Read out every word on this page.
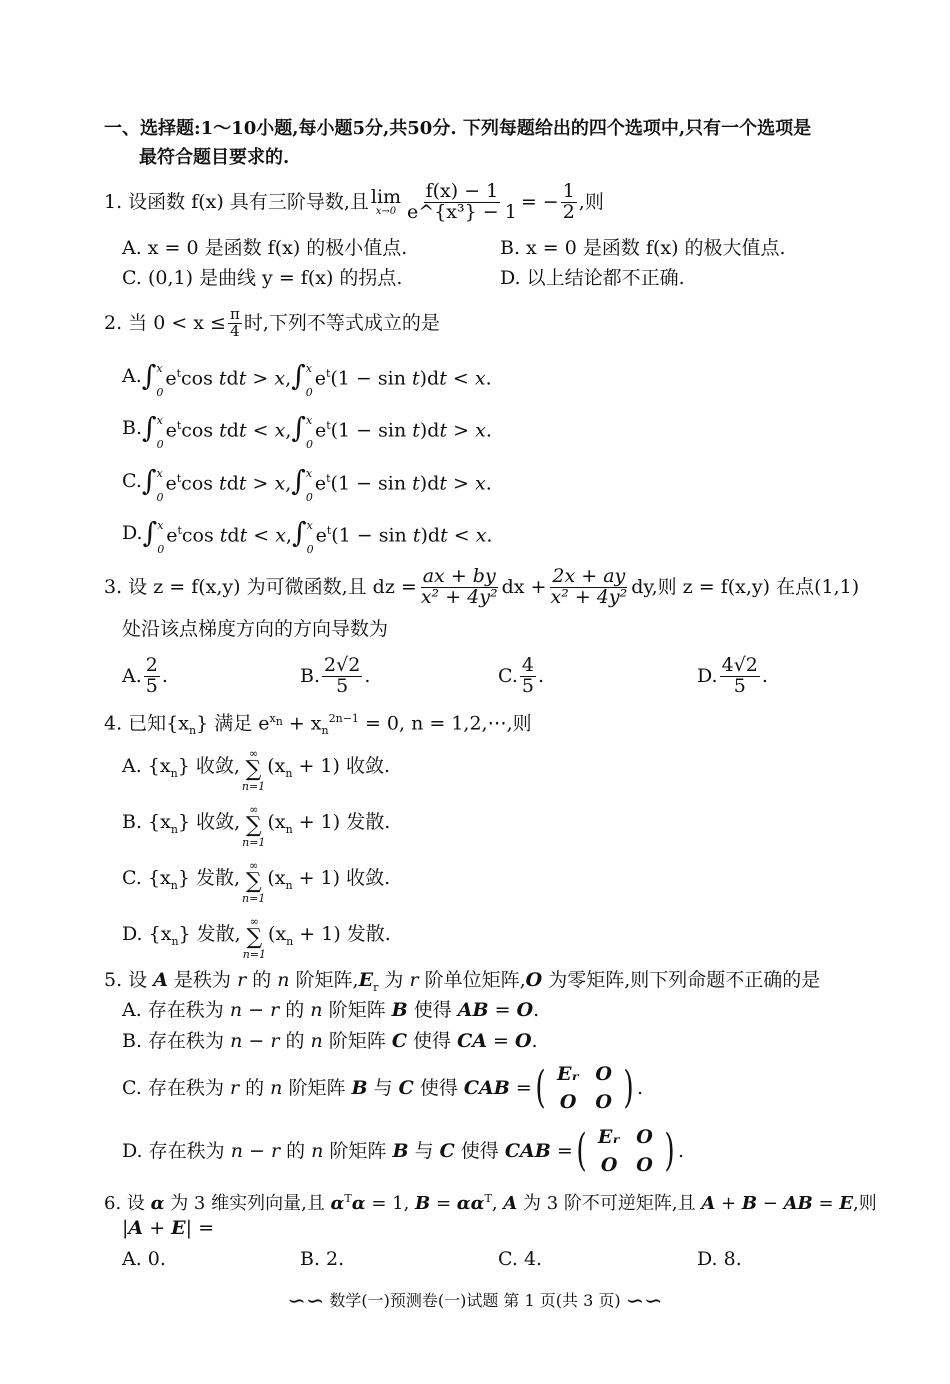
一、选择题:1～10小题,每小题5分,共50分. 下列每题给出的四个选项中,只有一个选项是
最符合题目要求的.
1. 设函数 f(x) 具有三阶导数,且 lim
$x\to 0 \frac{f(x) - 1}{\text{e\textasciicircum{}\{x³\} − 1}}$ = − $\frac{1}{2}$ ,则
A. x = 0 是函数 f(x) 的极小值点.	B. x = 0 是函数 f(x) 的极大值点.
C. (0,1) 是曲线 y = f(x) 的拐点.	D. 以上结论都不正确.
2. 当 $0 < x \le \frac{\pi}{4}$ 时,下列不等式成立的是
A. ∫ x
0
$e^t\cos$ tdt > x, ∫ x
0
$e^t(1 - \sin t)dt < x$.
B. ∫ x
0
$e^t\cos$ tdt < x, ∫ x
0
$e^t(1 - \sin t)dt > x$.
C. ∫ x
0
$e^t\cos$ tdt > x, ∫ x
0
$e^t(1 - \sin t)dt > x$.
D. ∫ x
0
$e^t\cos$ tdt < x, ∫ x
0
$e^t(1 - \sin t)dt < x$.
3. 设 z = f(x,y) 为可微函数,且 dz = $\frac{ax + by}{\text{x² + 4y²}}$ dx + $\frac{2x + ay}{\text{x² + 4y²}}$ dy,则 z = f(x,y) 在点(1,1)
处沿该点梯度方向的方向导数为
A. $\frac{2}{5}$ .	B. $\frac{2√2}{5}$ .	C. $\frac{4}{5}$ .	D. $\frac{4√2}{5}$ .
4. 已知$\{x_n\}$ 满足 $e^{x_n} + x_n^{2n-1} = 0$, n = 1,2,⋯,则
A. $\{x_n\}$ 收敛,
∞
∑
n=1
$(x_n + 1)$ 收敛.
B. $\{x_n\}$ 收敛,
∞
∑
n=1
$(x_n + 1)$ 发散.
C. $\{x_n\}$ 发散,
∞
∑
n=1
$(x_n + 1)$ 收敛.
D. $\{x_n\}$ 发散,
∞
∑
n=1
$(x_n + 1)$ 发散.
5. 设 A 是秩为 r 的 n 阶矩阵$,E_r$ 为 r 阶单位矩阵,O 为零矩阵,则下列命题不正确的是
A. 存在秩为 n − r 的 n 阶矩阵 B 使得 AB = O.
B. 存在秩为 n − r 的 n 阶矩阵 C 使得 CA = O.
C. 存在秩为 r 的 n 阶矩阵 B 与 C 使得 CAB = ( Eᵣ	O
O	O ) .
D. 存在秩为 n − r 的 n 阶矩阵 B 与 C 使得 CAB = ( Eᵣ	O
O	O ) .
6. 设 α 为 3 维实列向量,且 $\alpha^T\alpha = 1$, $B = \alpha\alpha^T$, A 为 3 阶不可逆矩阵,且 A + B − AB = E,则
|A + E| =
A. 0.	B. 2.	C. 4.	D. 8.
∽∽ 数学(一)预测卷(一)试题 第 1 页(共 3 页) ∽∽
